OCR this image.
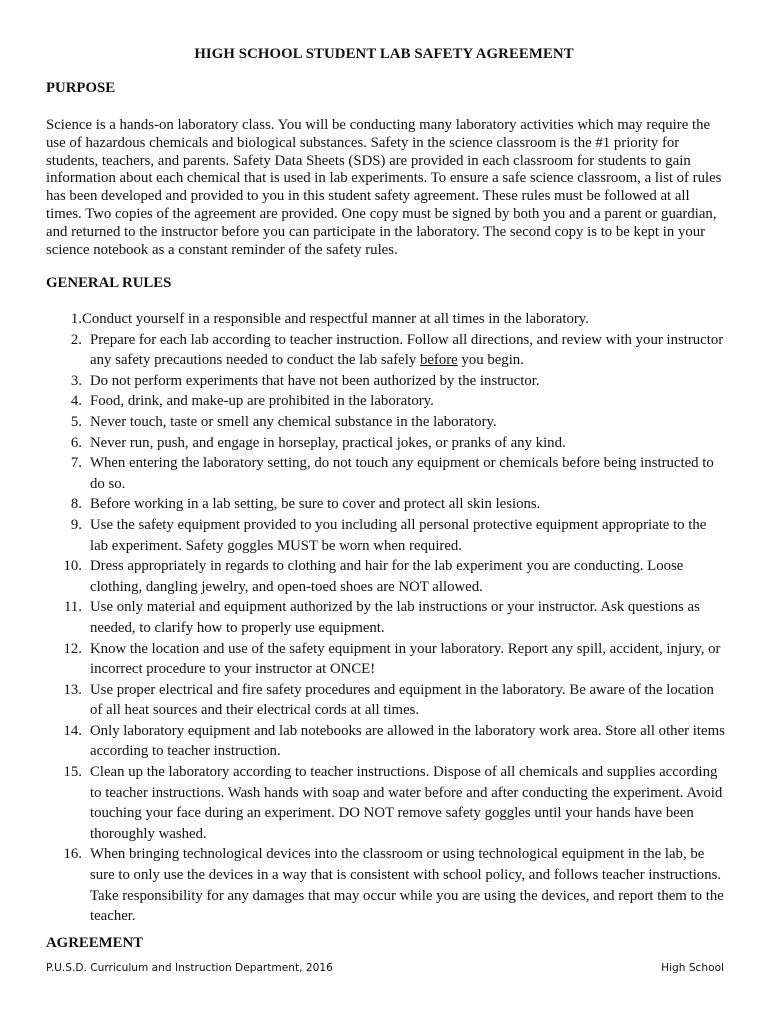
HIGH SCHOOL STUDENT LAB SAFETY AGREEMENT
PURPOSE

Science is a hands-on laboratory class. You will be conducting many laboratory activities which may require the use of hazardous chemicals and biological substances. Safety in the science classroom is the #1 priority for students, teachers, and parents. Safety Data Sheets (SDS) are provided in each classroom for students to gain information about each chemical that is used in lab experiments. To ensure a safe science classroom, a list of rules has been developed and provided to you in this student safety agreement. These rules must be followed at all times. Two copies of the agreement are provided. One copy must be signed by both you and a parent or guardian, and returned to the instructor before you can participate in the laboratory. The second copy is to be kept in your science notebook as a constant reminder of the safety rules.

GENERAL RULES
1. Conduct yourself in a responsible and respectful manner at all times in the laboratory.
2. Prepare for each lab according to teacher instruction. Follow all directions, and review with your instructor any safety precautions needed to conduct the lab safely before you begin.
3. Do not perform experiments that have not been authorized by the instructor.
4. Food, drink, and make-up are prohibited in the laboratory.
5. Never touch, taste or smell any chemical substance in the laboratory.
6. Never run, push, and engage in horseplay, practical jokes, or pranks of any kind.
7. When entering the laboratory setting, do not touch any equipment or chemicals before being instructed to do so.
8. Before working in a lab setting, be sure to cover and protect all skin lesions.
9. Use the safety equipment provided to you including all personal protective equipment appropriate to the lab experiment. Safety goggles MUST be worn when required.
10. Dress appropriately in regards to clothing and hair for the lab experiment you are conducting. Loose clothing, dangling jewelry, and open-toed shoes are NOT allowed.
11. Use only material and equipment authorized by the lab instructions or your instructor. Ask questions as needed, to clarify how to properly use equipment.
12. Know the location and use of the safety equipment in your laboratory. Report any spill, accident, injury, or incorrect procedure to your instructor at ONCE!
13. Use proper electrical and fire safety procedures and equipment in the laboratory. Be aware of the location of all heat sources and their electrical cords at all times.
14. Only laboratory equipment and lab notebooks are allowed in the laboratory work area. Store all other items according to teacher instruction.
15. Clean up the laboratory according to teacher instructions. Dispose of all chemicals and supplies according to teacher instructions. Wash hands with soap and water before and after conducting the experiment. Avoid touching your face during an experiment. DO NOT remove safety goggles until your hands have been thoroughly washed.
16. When bringing technological devices into the classroom or using technological equipment in the lab, be sure to only use the devices in a way that is consistent with school policy, and follows teacher instructions. Take responsibility for any damages that may occur while you are using the devices, and report them to the teacher.
AGREEMENT
P.U.S.D. Curriculum and Instruction Department, 2016	High School
